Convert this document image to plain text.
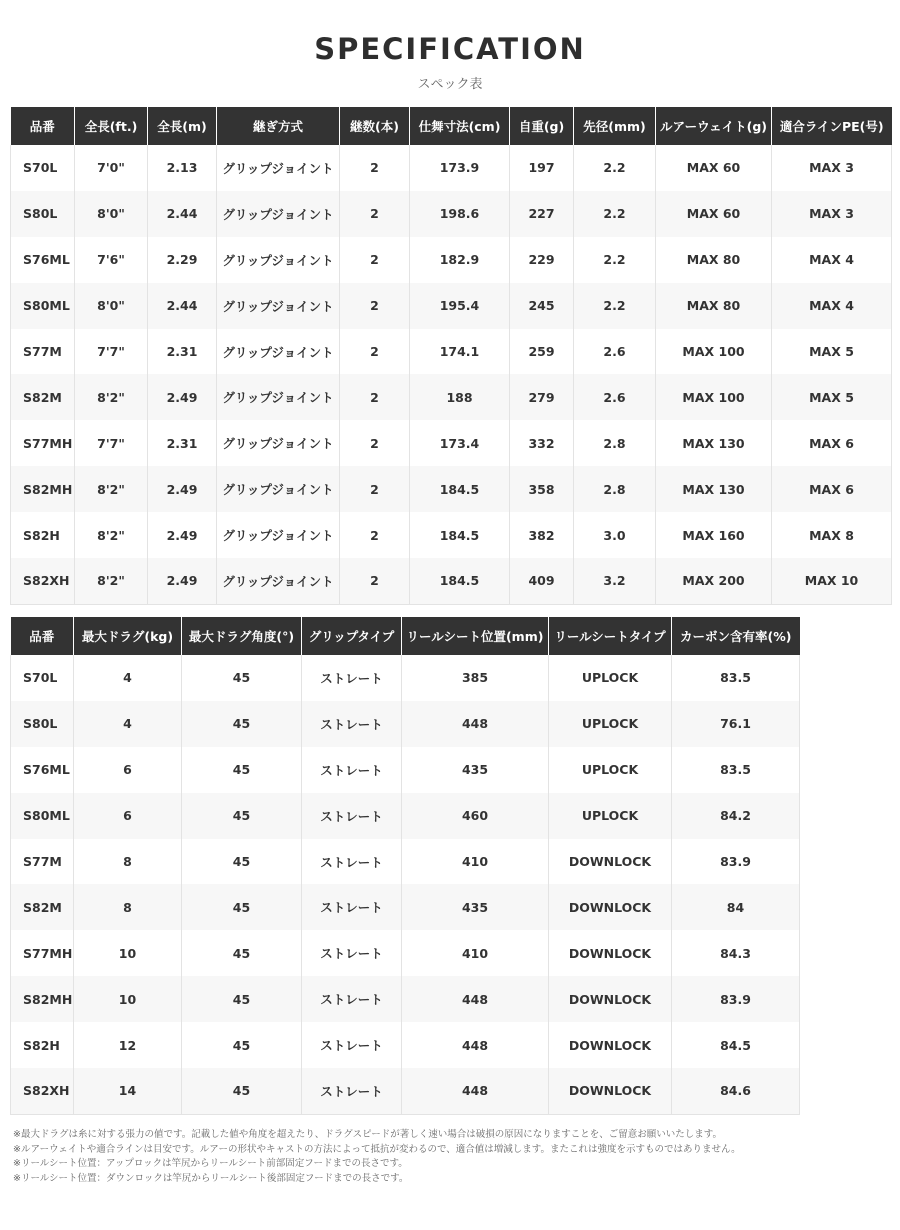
SPECIFICATION
スペック表
品番	全長(ft.)	全長(m)	継ぎ方式	継数(本)	仕舞寸法(cm)	自重(g)	先径(mm)	ルアーウェイト(g)	適合ラインPE(号)
S70L	7'0"	2.13	グリップジョイント	2	173.9	197	2.2	MAX 60	MAX 3
S80L	8'0"	2.44	グリップジョイント	2	198.6	227	2.2	MAX 60	MAX 3
S76ML	7'6"	2.29	グリップジョイント	2	182.9	229	2.2	MAX 80	MAX 4
S80ML	8'0"	2.44	グリップジョイント	2	195.4	245	2.2	MAX 80	MAX 4
S77M	7'7"	2.31	グリップジョイント	2	174.1	259	2.6	MAX 100	MAX 5
S82M	8'2"	2.49	グリップジョイント	2	188	279	2.6	MAX 100	MAX 5
S77MH	7'7"	2.31	グリップジョイント	2	173.4	332	2.8	MAX 130	MAX 6
S82MH	8'2"	2.49	グリップジョイント	2	184.5	358	2.8	MAX 130	MAX 6
S82H	8'2"	2.49	グリップジョイント	2	184.5	382	3.0	MAX 160	MAX 8
S82XH	8'2"	2.49	グリップジョイント	2	184.5	409	3.2	MAX 200	MAX 10
品番	最大ドラグ(kg)	最大ドラグ角度(°)	グリップタイプ	リールシート位置(mm)	リールシートタイプ	カーボン含有率(%)
S70L	4	45	ストレート	385	UPLOCK	83.5
S80L	4	45	ストレート	448	UPLOCK	76.1
S76ML	6	45	ストレート	435	UPLOCK	83.5
S80ML	6	45	ストレート	460	UPLOCK	84.2
S77M	8	45	ストレート	410	DOWNLOCK	83.9
S82M	8	45	ストレート	435	DOWNLOCK	84
S77MH	10	45	ストレート	410	DOWNLOCK	84.3
S82MH	10	45	ストレート	448	DOWNLOCK	83.9
S82H	12	45	ストレート	448	DOWNLOCK	84.5
S82XH	14	45	ストレート	448	DOWNLOCK	84.6

※最大ドラグは糸に対する張力の値です。記載した値や角度を超えたり、ドラグスピードが著しく速い場合は破損の原因になりますことを、ご留意お願いいたします。

※ルアーウェイトや適合ラインは目安です。ルアーの形状やキャストの方法によって抵抗が変わるので、適合値は増減します。またこれは強度を示すものではありません。

※リールシート位置：アップロックは竿尻からリールシート前部固定フードまでの長さです。

※リールシート位置：ダウンロックは竿尻からリールシート後部固定フードまでの長さです。
